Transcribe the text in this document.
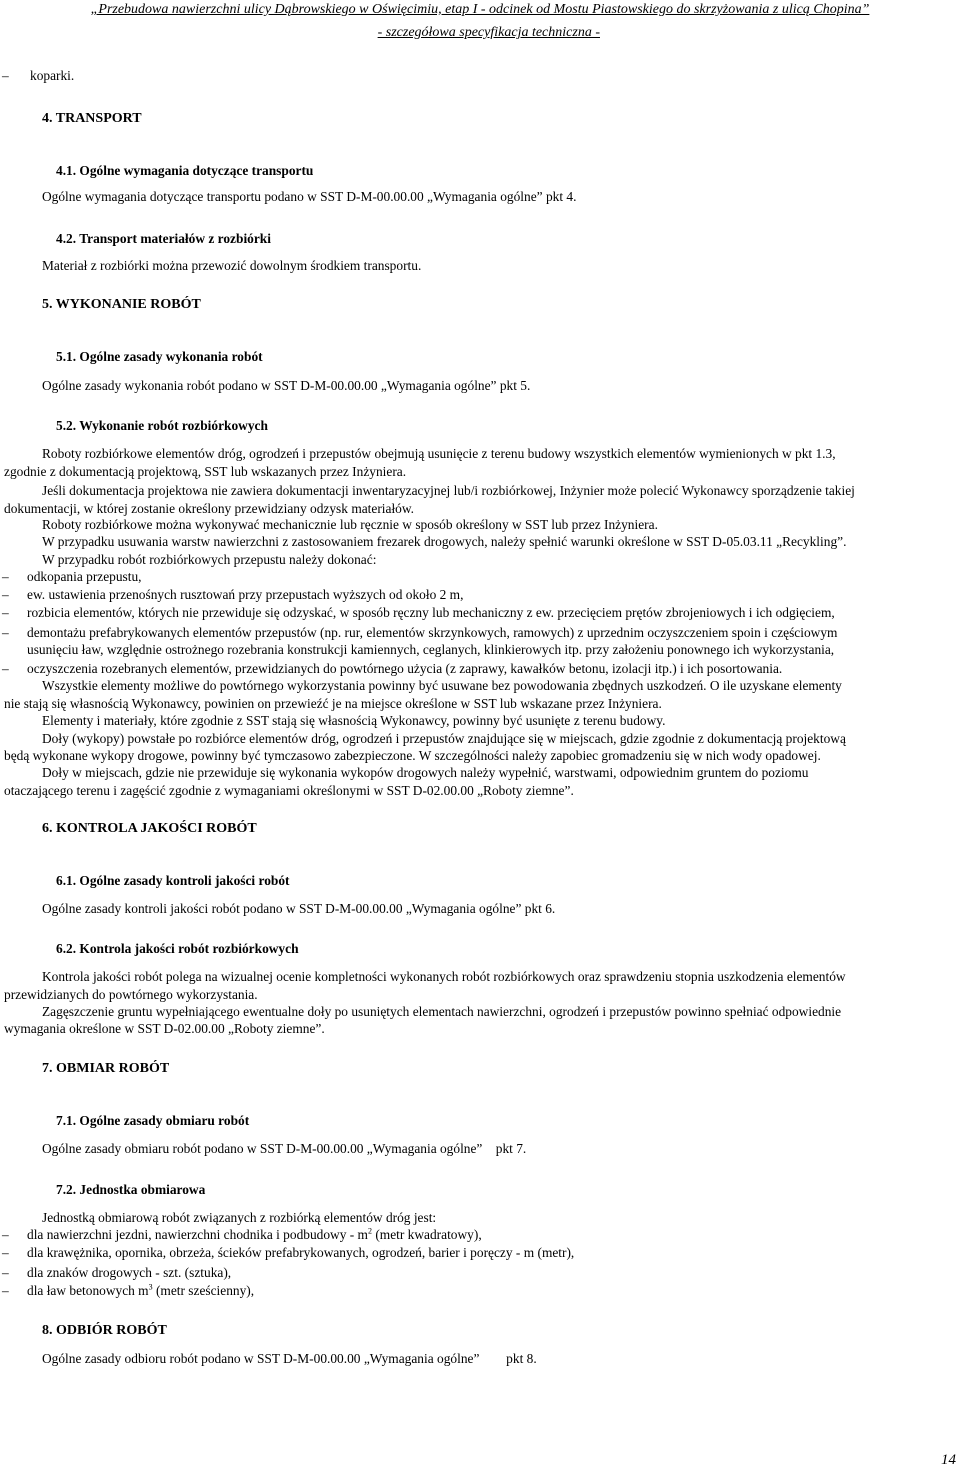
„Przebudowa nawierzchni ulicy Dąbrowskiego w Oświęcimiu, etap I - odcinek od Mostu Piastowskiego do skrzyżowania z ulicą Chopina”
- szczegółowa specyfikacja techniczna -
–
–
–
–
–
–
–
–
–
–
koparki.
4. TRANSPORT
4.1. Ogólne wymagania dotyczące transportu
Ogólne wymagania dotyczące transportu podano w SST D-M-00.00.00 „Wymagania ogólne” pkt 4.
4.2. Transport materiałów z rozbiórki
Materiał z rozbiórki można przewozić dowolnym środkiem transportu.
5. WYKONANIE ROBÓT
5.1. Ogólne zasady wykonania robót
Ogólne zasady wykonania robót podano w SST D-M-00.00.00 „Wymagania ogólne” pkt 5.
5.2. Wykonanie robót rozbiórkowych
Roboty rozbiórkowe elementów dróg, ogrodzeń i przepustów obejmują usunięcie z terenu budowy wszystkich elementów wymienionych w pkt 1.3,
zgodnie z dokumentacją projektową, SST lub wskazanych przez Inżyniera.
Jeśli dokumentacja projektowa nie zawiera dokumentacji inwentaryzacyjnej lub/i rozbiórkowej, Inżynier może polecić Wykonawcy sporządzenie takiej
dokumentacji, w której zostanie określony przewidziany odzysk materiałów.
Roboty rozbiórkowe można wykonywać mechanicznie lub ręcznie w sposób określony w SST lub przez Inżyniera.
W przypadku usuwania warstw nawierzchni z zastosowaniem frezarek drogowych, należy spełnić warunki określone w SST D-05.03.11 „Recykling”.
W przypadku robót rozbiórkowych przepustu należy dokonać:
odkopania przepustu,
ew. ustawienia przenośnych rusztowań przy przepustach wyższych od około 2 m,
rozbicia elementów, których nie przewiduje się odzyskać, w sposób ręczny lub mechaniczny z ew. przecięciem prętów zbrojeniowych i ich odgięciem,
demontażu prefabrykowanych elementów przepustów (np. rur, elementów skrzynkowych, ramowych) z uprzednim oczyszczeniem spoin i częściowym
usunięciu ław, względnie ostrożnego rozebrania konstrukcji kamiennych, ceglanych, klinkierowych itp. przy założeniu ponownego ich wykorzystania,
oczyszczenia rozebranych elementów, przewidzianych do powtórnego użycia (z zaprawy, kawałków betonu, izolacji itp.) i ich posortowania.
Wszystkie elementy możliwe do powtórnego wykorzystania powinny być usuwane bez powodowania zbędnych uszkodzeń. O ile uzyskane elementy
nie stają się własnością Wykonawcy, powinien on przewieźć je na miejsce określone w SST lub wskazane przez Inżyniera.
Elementy i materiały, które zgodnie z SST stają się własnością Wykonawcy, powinny być usunięte z terenu budowy.
Doły (wykopy) powstałe po rozbiórce elementów dróg, ogrodzeń i przepustów znajdujące się w miejscach, gdzie zgodnie z dokumentacją projektową
będą wykonane wykopy drogowe, powinny być tymczasowo zabezpieczone. W szczególności należy zapobiec gromadzeniu się w nich wody opadowej.
Doły w miejscach, gdzie nie przewiduje się wykonania wykopów drogowych należy wypełnić, warstwami, odpowiednim gruntem do poziomu
otaczającego terenu i zagęścić zgodnie z wymaganiami określonymi w SST D-02.00.00 „Roboty ziemne”.
6. KONTROLA JAKOŚCI ROBÓT
6.1. Ogólne zasady kontroli jakości robót
Ogólne zasady kontroli jakości robót podano w SST D-M-00.00.00 „Wymagania ogólne” pkt 6.
6.2. Kontrola jakości robót rozbiórkowych
Kontrola jakości robót polega na wizualnej ocenie kompletności wykonanych robót rozbiórkowych oraz sprawdzeniu stopnia uszkodzenia elementów
przewidzianych do powtórnego wykorzystania.
Zagęszczenie gruntu wypełniającego ewentualne doły po usuniętych elementach nawierzchni, ogrodzeń i przepustów powinno spełniać odpowiednie
wymagania określone w SST D-02.00.00 „Roboty ziemne”.
7. OBMIAR ROBÓT
7.1. Ogólne zasady obmiaru robót
Ogólne zasady obmiaru robót podano w SST D-M-00.00.00 „Wymagania ogólne”    pkt 7.
7.2. Jednostka obmiarowa
Jednostką obmiarową robót związanych z rozbiórką elementów dróg jest:
dla nawierzchni jezdni, nawierzchni chodnika i podbudowy - $m^2$ (metr kwadratowy),
dla krawężnika, opornika, obrzeża, ścieków prefabrykowanych, ogrodzeń, barier i poręczy - m (metr),
dla znaków drogowych - szt. (sztuka),
dla ław betonowych $m^3$ (metr sześcienny),
8. ODBIÓR ROBÓT
Ogólne zasady odbioru robót podano w SST D-M-00.00.00 „Wymagania ogólne”        pkt 8.
14
